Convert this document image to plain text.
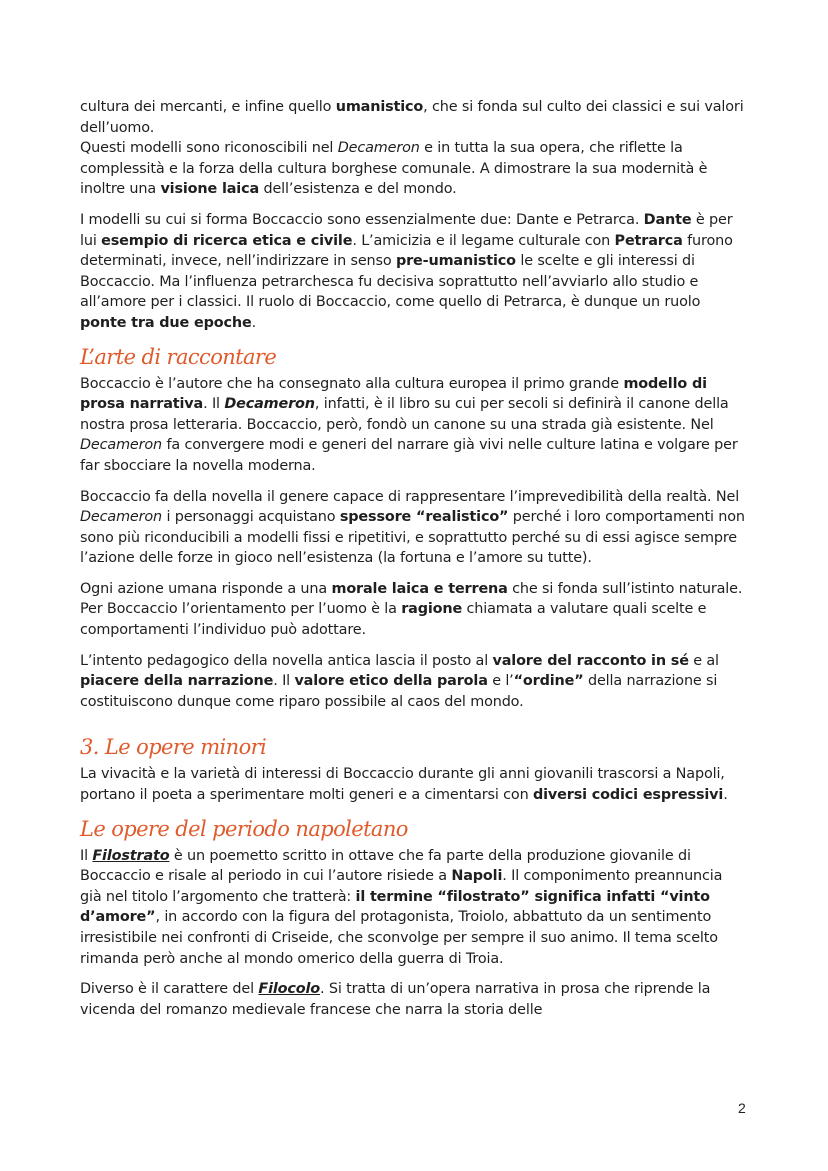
cultura dei mercanti, e infine quello umanistico, che si fonda sul culto dei classici e sui valori dell’uomo.

Questi modelli sono riconoscibili nel Decameron e in tutta la sua opera, che riflette la complessità e la forza della cultura borghese comunale. A dimostrare la sua modernità è inoltre una visione laica dell’esistenza e del mondo.

I modelli su cui si forma Boccaccio sono essenzialmente due: Dante e Petrarca. Dante è per lui esempio di ricerca etica e civile. L’amicizia e il legame culturale con Petrarca furono determinati, invece, nell’indirizzare in senso pre-umanistico le scelte e gli interessi di Boccaccio. Ma l’influenza petrarchesca fu decisiva soprattutto nell’avviarlo allo studio e all’amore per i classici. Il ruolo di Boccaccio, come quello di Petrarca, è dunque un ruolo ponte tra due epoche.

L’arte di raccontare

Boccaccio è l’autore che ha consegnato alla cultura europea il primo grande modello di prosa narrativa. Il Decameron, infatti, è il libro su cui per secoli si definirà il canone della nostra prosa letteraria. Boccaccio, però, fondò un canone su una strada già esistente. Nel Decameron fa convergere modi e generi del narrare già vivi nelle culture latina e volgare per far sbocciare la novella moderna.

Boccaccio fa della novella il genere capace di rappresentare l’imprevedibilità della realtà. Nel Decameron i personaggi acquistano spessore “realistico” perché i loro comportamenti non sono più riconducibili a modelli fissi e ripetitivi, e soprattutto perché su di essi agisce sempre l’azione delle forze in gioco nell’esistenza (la fortuna e l’amore su tutte).

Ogni azione umana risponde a una morale laica e terrena che si fonda sull’istinto naturale. Per Boccaccio l’orientamento per l’uomo è la ragione chiamata a valutare quali scelte e comportamenti l’individuo può adottare.

L’intento pedagogico della novella antica lascia il posto al valore del racconto in sé e al piacere della narrazione. Il valore etico della parola e l’“ordine” della narrazione si costituiscono dunque come riparo possibile al caos del mondo.

3. Le opere minori

La vivacità e la varietà di interessi di Boccaccio durante gli anni giovanili trascorsi a Napoli, portano il poeta a sperimentare molti generi e a cimentarsi con diversi codici espressivi.

Le opere del periodo napoletano

Il Filostrato è un poemetto scritto in ottave che fa parte della produzione giovanile di Boccaccio e risale al periodo in cui l’autore risiede a Napoli. Il componimento preannuncia già nel titolo l’argomento che tratterà: il termine “filostrato” significa infatti “vinto d’amore”, in accordo con la figura del protagonista, Troiolo, abbattuto da un sentimento irresistibile nei confronti di Criseide, che sconvolge per sempre il suo animo. Il tema scelto rimanda però anche al mondo omerico della guerra di Troia.

Diverso è il carattere del Filocolo. Si tratta di un’opera narrativa in prosa che riprende la vicenda del romanzo medievale francese che narra la storia delle

2
